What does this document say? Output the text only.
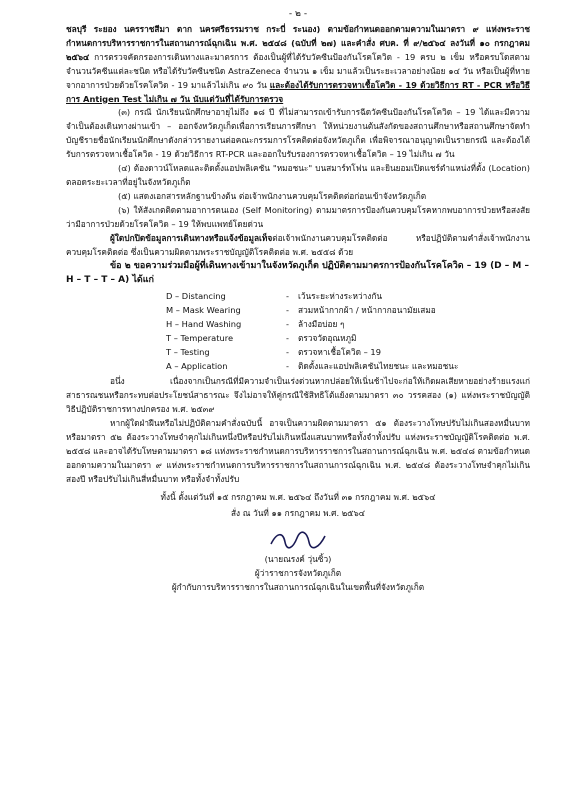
- ๒ -

ชลบุรี ระยอง นครราชสีมา ตาก นครศรีธรรมราช กระบี่ ระนอง) ตามข้อกำหนดออกตามความในมาตรา ๙ แห่งพระราชกำหนดการบริหารราชการในสถานการณ์ฉุกเฉิน พ.ศ. ๒๕๔๘ (ฉบับที่ ๒๗) และคำสั่ง ศบค. ที่ ๙/๒๕๖๔ ลงวันที่ ๑๐ กรกฎาคม ๒๕๖๔ การตรวจคัดกรองการเดินทางและมาตรการ ต้องเป็นผู้ที่ได้รับวัคซีนป้องกันโรคโควิด - 19 ครบ ๒ เข็ม หรือครบโดสตามจำนวนวัคซีนแต่ละชนิด หรือได้รับวัคซีนชนิด AstraZeneca จำนวน ๑ เข็ม มาแล้วเป็นระยะเวลาอย่างน้อย ๑๔ วัน หรือเป็นผู้ที่หายจากอาการป่วยด้วยโรคโควิด - 19 มาแล้วไม่เกิน ๙๐ วัน และต้องได้รับการตรวจหาเชื้อโควิด - 19 ด้วยวิธีการ RT - PCR หรือวิธีการ Antigen Test ไม่เกิน ๗ วัน นับแต่วันที่ได้รับการตรวจ

(๓) กรณี นักเรียนนักศึกษาอายุไม่ถึง ๑๘ ปี ที่ไม่สามารถเข้ารับการฉีดวัคซีนป้องกันโรคโควิด – 19 ได้และมีความจำเป็นต้องเดินทางผ่านเข้า – ออกจังหวัดภูเก็ตเพื่อการเรียนการศึกษา ให้หน่วยงานต้นสังกัดของสถานศึกษาหรือสถานศึกษาจัดทำบัญชีรายชื่อนักเรียนนักศึกษาดังกล่าวรายงานต่อคณะกรรมการโรคติดต่อจังหวัดภูเก็ต เพื่อพิจารณาอนุญาตเป็นรายกรณี และต้องได้รับการตรวจหาเชื้อโควิด - 19 ด้วยวิธีการ RT-PCR และออกใบรับรองการตรวจหาเชื้อโควิด – 19 ไม่เกิน ๗ วัน

(๔) ต้องดาวน์โหลดและติดตั้งแอปพลิเคชัน "หมอชนะ" บนสมาร์ทโฟน และยินยอมเปิดแชร์ตำแหน่งที่ตั้ง (Location) ตลอดระยะเวลาที่อยู่ในจังหวัดภูเก็ต

(๕) แสดงเอกสารหลักฐานข้างต้น ต่อเจ้าพนักงานควบคุมโรคติดต่อก่อนเข้าจังหวัดภูเก็ต

(๖) ให้สังเกตติดตามอาการตนเอง (Self Monitoring) ตามมาตรการป้องกันควบคุมโรคหากพบอาการป่วยหรือสงสัยว่ามีอาการป่วยด้วยโรคโควิด – 19 ให้พบแพทย์โดยด่วน

ผู้ใดปกปิดข้อมูลการเดินทางหรือแจ้งข้อมูลเท็จต่อเจ้าพนักงานควบคุมโรคติดต่อ หรือปฏิบัติตามคำสั่งเจ้าพนักงานควบคุมโรคติดต่อ ซึ่งเป็นความผิดตามพระราชบัญญัติโรคติดต่อ พ.ศ. ๒๕๕๘ ด้วย

ข้อ ๒ ขอความร่วมมือผู้ที่เดินทางเข้ามาในจังหวัดภูเก็ต ปฏิบัติตามมาตรการป้องกันโรคโควิด – 19 (D – M – H – T – T – A) ได้แก่

D – Distancing	-	เว้นระยะห่างระหว่างกัน
M – Mask Wearing	-	สวมหน้ากากผ้า / หน้ากากอนามัยเสมอ
H – Hand Washing	-	ล้างมือบ่อย ๆ
T – Temperature	-	ตรวจวัดอุณหภูมิ
T – Testing	-	ตรวจหาเชื้อโควิด – 19
A – Application	-	ติดตั้งและแอปพลิเคชันไทยชนะ และหมอชนะ

อนึ่ง เนื่องจากเป็นกรณีที่มีความจำเป็นเร่งด่วนหากปล่อยให้เนิ่นช้าไปจะก่อให้เกิดผลเสียหายอย่างร้ายแรงแก่สาธารณชนหรือกระทบต่อประโยชน์สาธารณะ จึงไม่อาจให้คู่กรณีใช้สิทธิโต้แย้งตามมาตรา ๓๐ วรรคสอง (๑) แห่งพระราชบัญญัติวิธีปฏิบัติราชการทางปกครอง พ.ศ. ๒๕๓๙

หากผู้ใดฝ่าฝืนหรือไม่ปฏิบัติตามคำสั่งฉบับนี้ อาจเป็นความผิดตามมาตรา ๕๑ ต้องระวางโทษปรับไม่เกินสองหมื่นบาท หรือมาตรา ๕๒ ต้องระวางโทษจำคุกไม่เกินหนึ่งปีหรือปรับไม่เกินหนึ่งแสนบาทหรือทั้งจำทั้งปรับ แห่งพระราชบัญญัติโรคติดต่อ พ.ศ. ๒๕๕๘ และอาจได้รับโทษตามมาตรา ๑๘ แห่งพระราชกำหนดการบริหารราชการในสถานการณ์ฉุกเฉิน พ.ศ. ๒๕๔๘ ตามข้อกำหนดออกตามความในมาตรา ๙ แห่งพระราชกำหนดการบริหารราชการในสถานการณ์ฉุกเฉิน พ.ศ. ๒๕๔๘ ต้องระวางโทษจำคุกไม่เกินสองปี หรือปรับไม่เกินสี่หมื่นบาท หรือทั้งจำทั้งปรับ

ทั้งนี้ ตั้งแต่วันที่ ๑๕ กรกฎาคม พ.ศ. ๒๕๖๔ ถึงวันที่ ๓๑ กรกฎาคม พ.ศ. ๒๕๖๔

สั่ง ณ วันที่ ๑๑ กรกฎาคม พ.ศ. ๒๕๖๔

(นายณรงค์ วุ่นซิ้ว)

ผู้ว่าราชการจังหวัดภูเก็ต

ผู้กำกับการบริหารราชการในสถานการณ์ฉุกเฉินในเขตพื้นที่จังหวัดภูเก็ต
